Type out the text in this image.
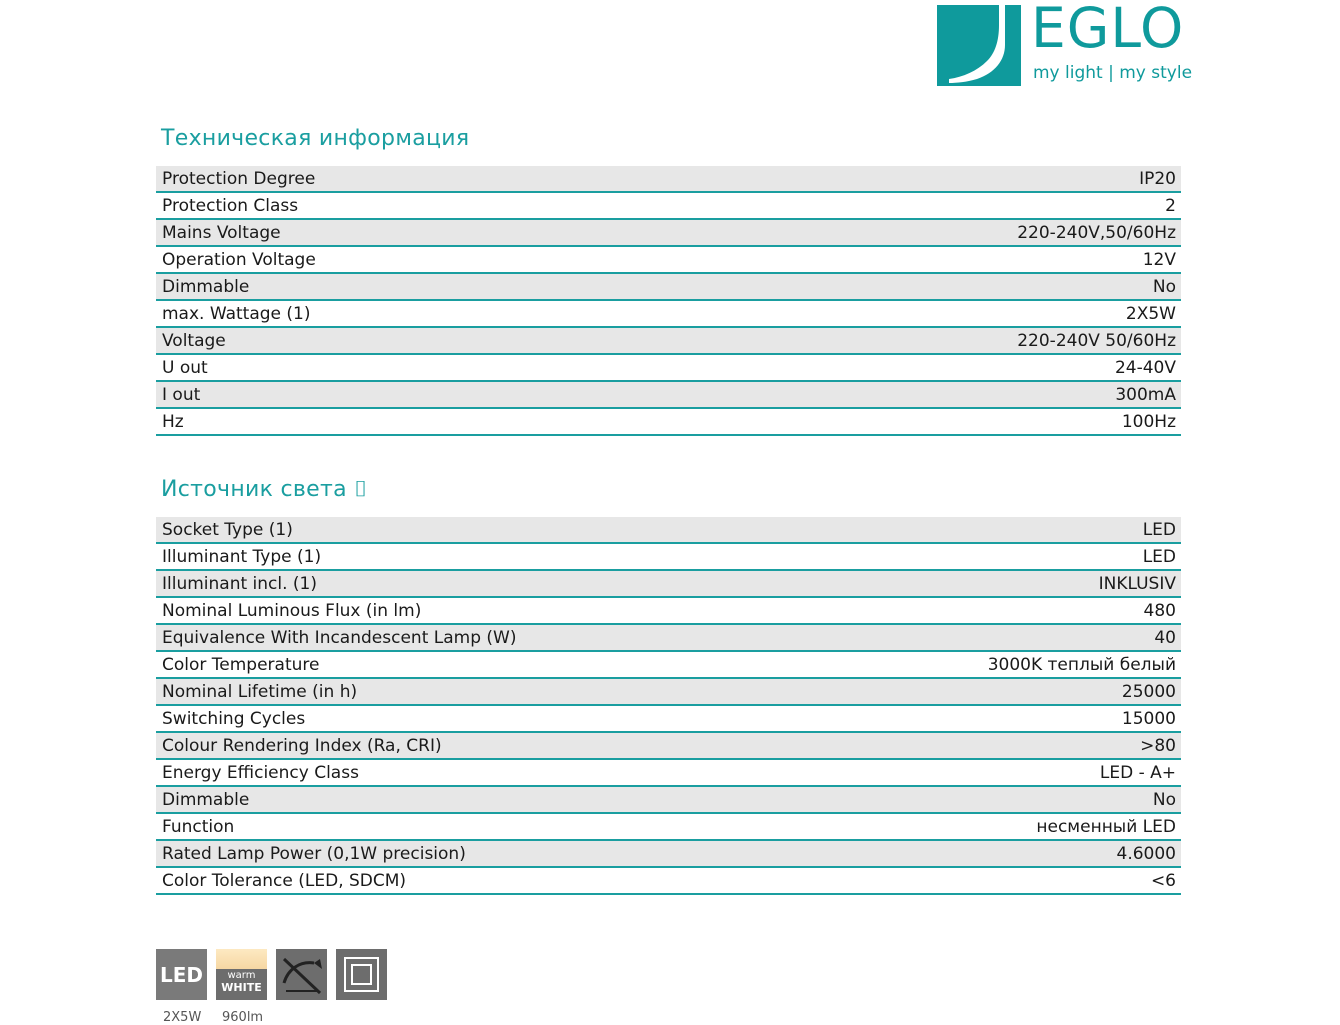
EGLO
my light | my style
Техническая информация
Protection Degree	IP20
Protection Class	2
Mains Voltage	220-240V,50/60Hz
Operation Voltage	12V
Dimmable	No
max. Wattage (1)	2X5W
Voltage	220-240V 50/60Hz
U out	24-40V
I out	300mA
Hz	100Hz
Источник света ⌷
Socket Type (1)	LED
Illuminant Type (1)	LED
Illuminant incl. (1)	INKLUSIV
Nominal Luminous Flux (in lm)	480
Equivalence With Incandescent Lamp (W)	40
Color Temperature	3000K теплый белый
Nominal Lifetime (in h)	25000
Switching Cycles	15000
Colour Rendering Index (Ra, CRI)	>80
Energy Efficiency Class	LED - A+
Dimmable	No
Function	несменный LED
Rated Lamp Power (0,1W precision)	4.6000
Color Tolerance (LED, SDCM)	<6
LED	warm
WHITE
2X5W 960lm
